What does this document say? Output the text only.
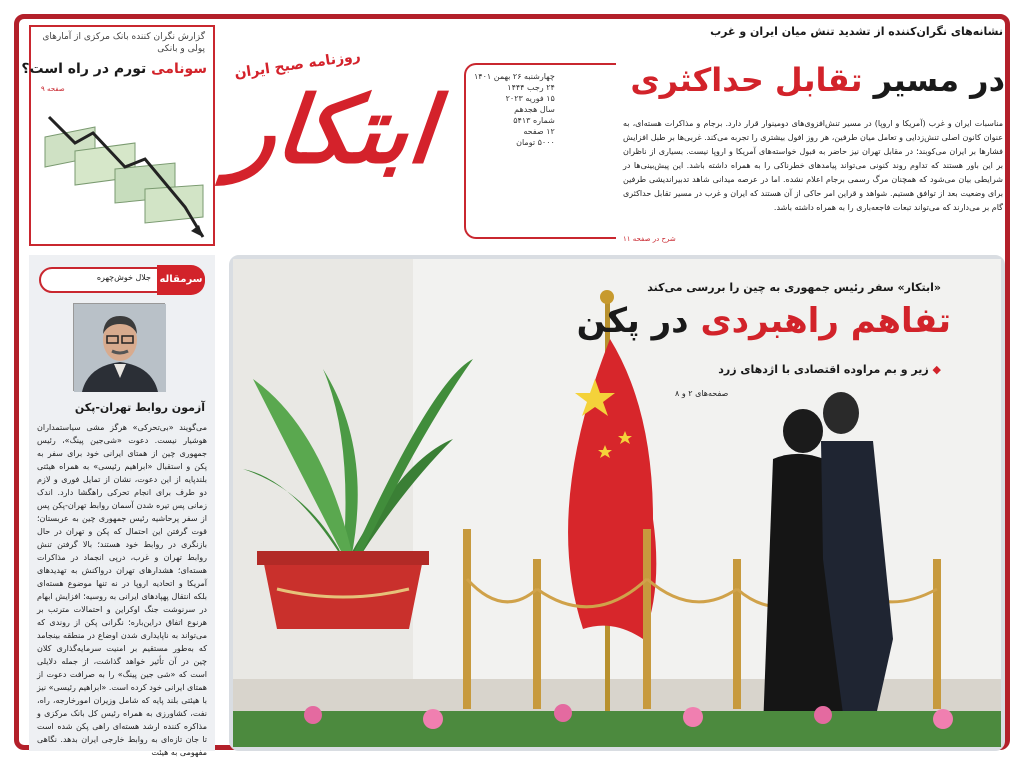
گزارش نگران کننده بانک مرکزی از آمارهای پولی و بانکی
سونامی تورم در راه است؟
صفحه ۹
روزنامه صبح ایران
ابتکار	چهارشنبه ۲۶ بهمن ۱۴۰۱
۲۴ رجب ۱۴۴۴
۱۵ فوریه ۲۰۲۳
سال هجدهم
شماره ۵۴۱۳
۱۲ صفحه
۵۰۰۰ تومان
نشانه‌های نگران‌کننده از تشدید تنش میان ایران و غرب
در مسیر تقابل حداکثری
مناسبات ایران و غرب (آمریکا و اروپا) در مسیر تنش‌افزوی‌های دومینوار قرار دارد. برجام و مذاکرات هسته‌ای، به عنوان کانون اصلی تنش‌زدایی و تعامل میان طرفین، هر روز افول بیشتری را تجربه می‌کند. غربی‌ها بر طبل افزایش فشارها بر ایران می‌کوبند؛ در مقابل تهران نیز حاضر به قبول خواسته‌های آمریکا و اروپا نیست. بسیاری از ناظران بر این باور هستند که تداوم روند کنونی می‌تواند پیامدهای خطرناکی را به همراه داشته باشد. این پیش‌بینی‌ها در شرایطی بیان می‌شود که همچنان مرگ رسمی برجام اعلام نشده. اما در عرصه میدانی شاهد تدبیراندیشی طرفین برای وضعیت بعد از توافق هستیم. شواهد و قراین امر حاکی از آن هستند که ایران و غرب در مسیر تقابل حداکثری گام بر می‌دارند که می‌تواند تبعات فاجعه‌باری را به همراه داشته باشد.
شرح در صفحه ۱۱
سرمقاله
جلال خوش‌چهره
آزمون روابط تهران-پکن
می‌گویند «بی‌تحرکی» هرگز مشی سیاستمداران هوشیار نیست. دعوت «شی‌جین پینگ»، رئیس جمهوری چین از همتای ایرانی خود برای سفر به پکن و استقبال «ابراهیم رئیسی» به همراه هیئتی بلندپایه از این دعوت، نشان از تمایل فوری و لازم دو طرف برای انجام تحرکی راهگشا دارد. اندک زمانی پس تیره شدن آسمان روابط تهران-پکن پس از سفر پرحاشیه رئیس جمهوری چین به عربستان؛ قوت گرفتن این احتمال که پکن و تهران در حال بازنگری در روابط خود هستند؛ بالا گرفتن تنش روابط تهران و غرب، درپی انجماد در مذاکرات هسته‌ای؛ هشدارهای تهران درواکنش به تهدیدهای آمریکا و اتحادیه اروپا در نه تنها موضوع هسته‌ای بلکه انتقال پهپادهای ایرانی به روسیه؛ افزایش ابهام در سرنوشت جنگ اوکراین و احتمالات مترتب بر هرنوع اتفاق دراین‌باره؛ نگرانی پکن از روندی که می‌تواند به ناپایداری شدن اوضاع در منطقه بینجامد که به‌طور مستقیم بر امنیت سرمایه‌گذاری کلان چین در آن تأثیر خواهد گذاشت، از جمله دلایلی است که «شی جین پینگ» را به صرافت دعوت از همتای ایرانی خود کرده است. «ابراهیم رئیسی» نیز با هیئتی بلند پایه که شامل وزیران امورخارجه، راه، نفت، کشاورزی به همراه رئیس کل بانک مرکزی و مذاکره کننده ارشد هسته‌ای راهی پکن شده است تا جان تازه‌ای به روابط خارجی ایران بدهد. نگاهی مفهومی به هیئت
«ابتکار» سفر رئیس جمهوری به چین را بررسی می‌کند
تفاهم راهبردی در پکن
◆ زیر و بم مراوده اقتصادی با اژدهای زرد
صفحه‌های ۲ و ۸
